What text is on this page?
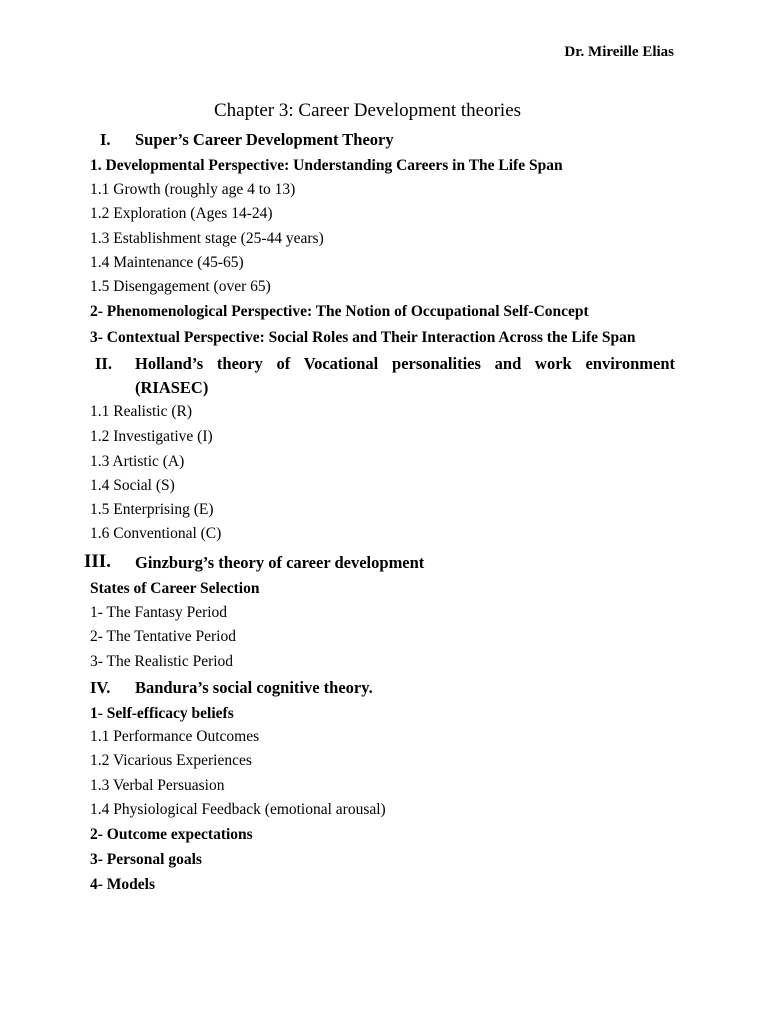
Dr. Mireille Elias
Chapter 3: Career Development theories
I. Super’s Career Development Theory
1. Developmental Perspective: Understanding Careers in The Life Span
1.1 Growth (roughly age 4 to 13)
1.2 Exploration (Ages 14-24)
1.3 Establishment stage (25-44 years)
1.4 Maintenance (45-65)
1.5 Disengagement (over 65)
2- Phenomenological Perspective: The Notion of Occupational Self-Concept
3- Contextual Perspective: Social Roles and Their Interaction Across the Life Span
II. Holland’s theory of Vocational personalities and work environment
(RIASEC)
1.1 Realistic (R)
1.2 Investigative (I)
1.3 Artistic (A)
1.4 Social (S)
1.5 Enterprising (E)
1.6 Conventional (C)
III. Ginzburg’s theory of career development
States of Career Selection
1- The Fantasy Period
2- The Tentative Period
3- The Realistic Period
IV. Bandura’s social cognitive theory.
1- Self-efficacy beliefs
1.1 Performance Outcomes
1.2 Vicarious Experiences
1.3 Verbal Persuasion
1.4 Physiological Feedback (emotional arousal)
2- Outcome expectations
3- Personal goals
4- Models
